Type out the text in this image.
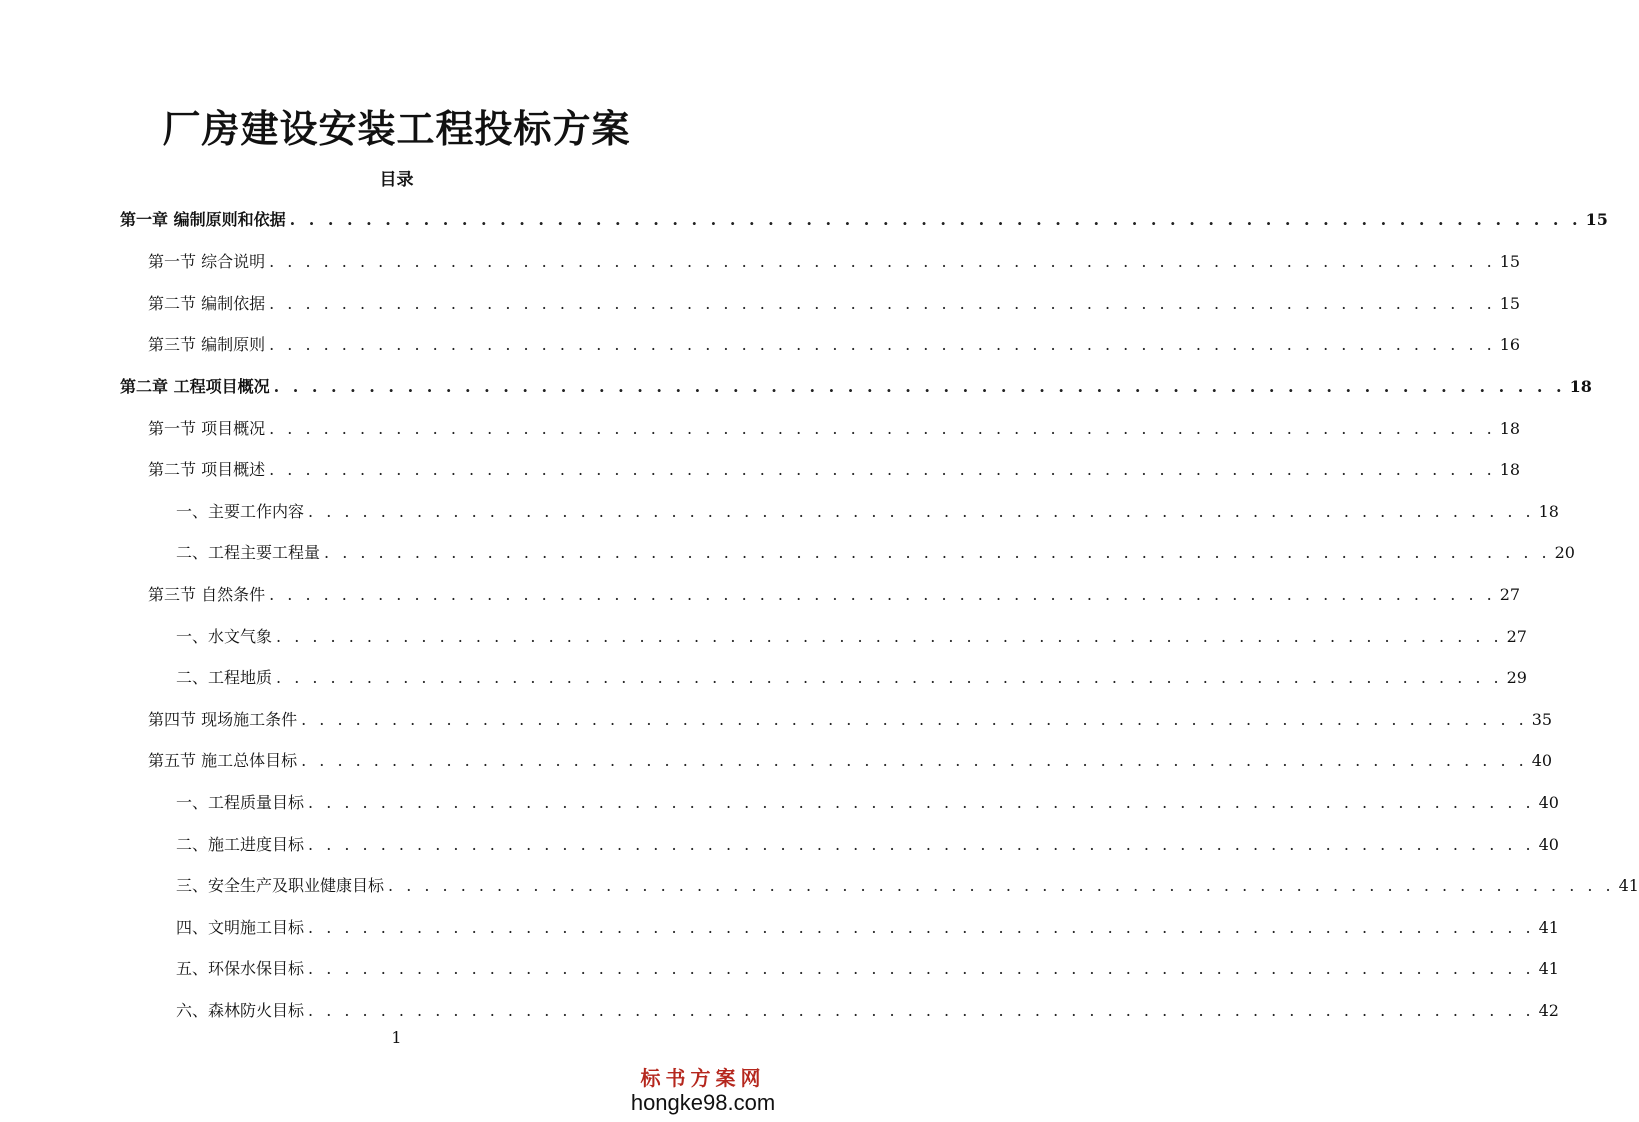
厂房建设安装工程投标方案
目录
第一章 编制原则和依据 . . . . . . . . . . . . . . . . . . . . . . . . . . . . . . . . . . . . . . . . . . . . . . . . . . . . . . . . . . . . . . . . . . . . 15
第一节 综合说明 . . . . . . . . . . . . . . . . . . . . . . . . . . . . . . . . . . . . . . . . . . . . . . . . . . . . . . . . . . . . . . . . . . . . 15
第二节 编制依据 . . . . . . . . . . . . . . . . . . . . . . . . . . . . . . . . . . . . . . . . . . . . . . . . . . . . . . . . . . . . . . . . . . . . 15
第三节 编制原则 . . . . . . . . . . . . . . . . . . . . . . . . . . . . . . . . . . . . . . . . . . . . . . . . . . . . . . . . . . . . . . . . . . . . 16
第二章 工程项目概况 . . . . . . . . . . . . . . . . . . . . . . . . . . . . . . . . . . . . . . . . . . . . . . . . . . . . . . . . . . . . . . . . . . . . 18
第一节 项目概况 . . . . . . . . . . . . . . . . . . . . . . . . . . . . . . . . . . . . . . . . . . . . . . . . . . . . . . . . . . . . . . . . . . . . 18
第二节 项目概述 . . . . . . . . . . . . . . . . . . . . . . . . . . . . . . . . . . . . . . . . . . . . . . . . . . . . . . . . . . . . . . . . . . . . 18
一、主要工作内容 . . . . . . . . . . . . . . . . . . . . . . . . . . . . . . . . . . . . . . . . . . . . . . . . . . . . . . . . . . . . . . . . . . . . 18
二、工程主要工程量 . . . . . . . . . . . . . . . . . . . . . . . . . . . . . . . . . . . . . . . . . . . . . . . . . . . . . . . . . . . . . . . . . . . . 20
第三节 自然条件 . . . . . . . . . . . . . . . . . . . . . . . . . . . . . . . . . . . . . . . . . . . . . . . . . . . . . . . . . . . . . . . . . . . . 27
一、水文气象 . . . . . . . . . . . . . . . . . . . . . . . . . . . . . . . . . . . . . . . . . . . . . . . . . . . . . . . . . . . . . . . . . . . . 27
二、工程地质 . . . . . . . . . . . . . . . . . . . . . . . . . . . . . . . . . . . . . . . . . . . . . . . . . . . . . . . . . . . . . . . . . . . . 29
第四节 现场施工条件 . . . . . . . . . . . . . . . . . . . . . . . . . . . . . . . . . . . . . . . . . . . . . . . . . . . . . . . . . . . . . . . . . . . . 35
第五节 施工总体目标 . . . . . . . . . . . . . . . . . . . . . . . . . . . . . . . . . . . . . . . . . . . . . . . . . . . . . . . . . . . . . . . . . . . . 40
一、工程质量目标 . . . . . . . . . . . . . . . . . . . . . . . . . . . . . . . . . . . . . . . . . . . . . . . . . . . . . . . . . . . . . . . . . . . . 40
二、施工进度目标 . . . . . . . . . . . . . . . . . . . . . . . . . . . . . . . . . . . . . . . . . . . . . . . . . . . . . . . . . . . . . . . . . . . . 40
三、安全生产及职业健康目标 . . . . . . . . . . . . . . . . . . . . . . . . . . . . . . . . . . . . . . . . . . . . . . . . . . . . . . . . . . . . . . . . . . . . 41
四、文明施工目标 . . . . . . . . . . . . . . . . . . . . . . . . . . . . . . . . . . . . . . . . . . . . . . . . . . . . . . . . . . . . . . . . . . . . 41
五、环保水保目标 . . . . . . . . . . . . . . . . . . . . . . . . . . . . . . . . . . . . . . . . . . . . . . . . . . . . . . . . . . . . . . . . . . . . 41
六、森林防火目标 . . . . . . . . . . . . . . . . . . . . . . . . . . . . . . . . . . . . . . . . . . . . . . . . . . . . . . . . . . . . . . . . . . . . 42
1
标书方案网
hongke98.com
